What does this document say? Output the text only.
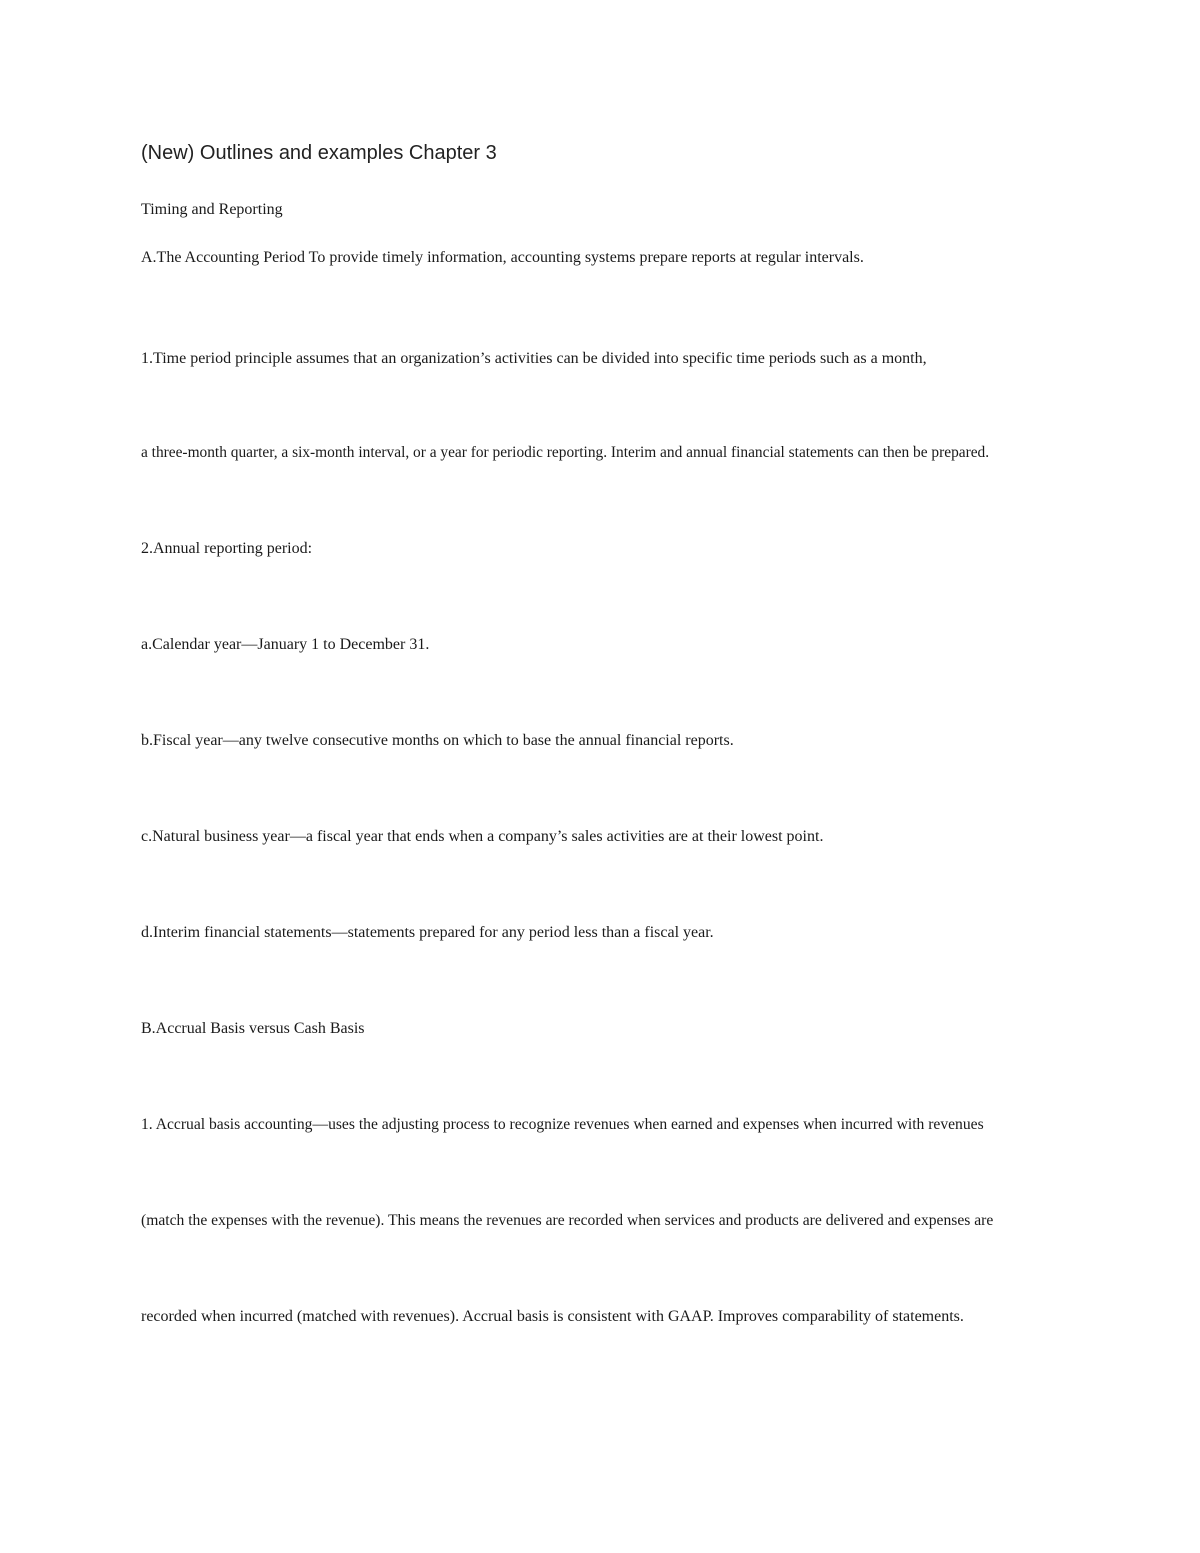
(New) Outlines and examples Chapter 3

Timing and Reporting

A.The Accounting Period To provide timely information, accounting systems prepare reports at regular intervals.

1.Time period principle assumes that an organization’s activities can be divided into specific time periods such as a month,

a three-month quarter, a six-month interval, or a year for periodic reporting. Interim and annual financial statements can then be prepared.

2.Annual reporting period:

a.Calendar year—January 1 to December 31.

b.Fiscal year—any twelve consecutive months on which to base the annual financial reports.

c.Natural business year—a fiscal year that ends when a company’s sales activities are at their lowest point.

d.Interim financial statements—statements prepared for any period less than a fiscal year.

B.Accrual Basis versus Cash Basis

1. Accrual basis accounting—uses the adjusting process to recognize revenues when earned and expenses when incurred with revenues

(match the expenses with the revenue). This means the revenues are recorded when services and products are delivered and expenses are

recorded when incurred (matched with revenues). Accrual basis is consistent with GAAP. Improves comparability of statements.
